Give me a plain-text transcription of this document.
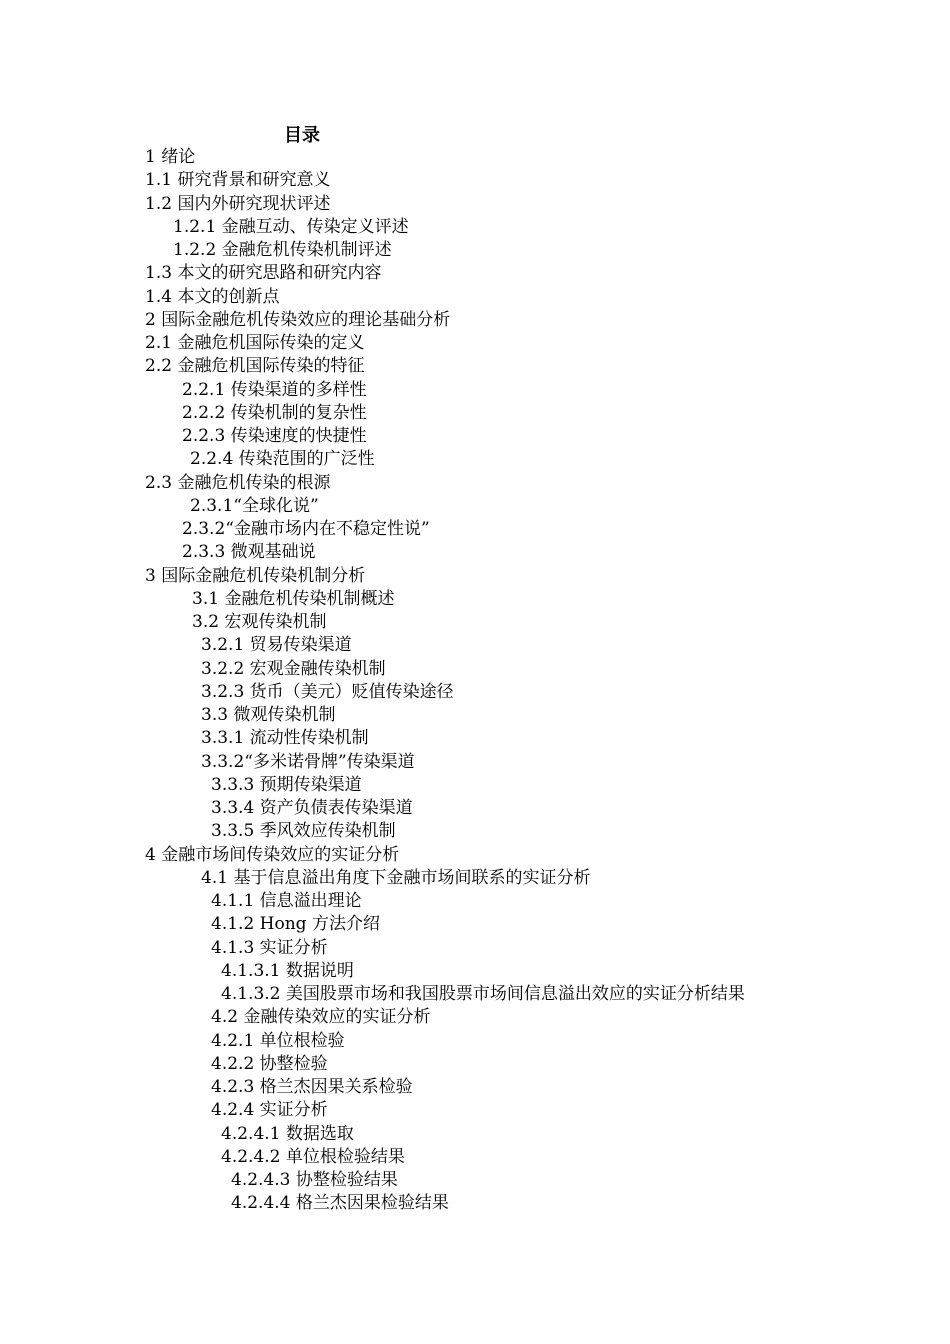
目录
1 绪论
1.1 研究背景和研究意义
1.2 国内外研究现状评述
1.2.1 金融互动、传染定义评述
1.2.2 金融危机传染机制评述
1.3 本文的研究思路和研究内容
1.4 本文的创新点
2 国际金融危机传染效应的理论基础分析
2.1 金融危机国际传染的定义
2.2 金融危机国际传染的特征
2.2.1 传染渠道的多样性
2.2.2 传染机制的复杂性
2.2.3 传染速度的快捷性
2.2.4 传染范围的广泛性
2.3 金融危机传染的根源
2.3.1“全球化说”
2.3.2“金融市场内在不稳定性说”
2.3.3 微观基础说
3 国际金融危机传染机制分析
3.1 金融危机传染机制概述
3.2 宏观传染机制
3.2.1 贸易传染渠道
3.2.2 宏观金融传染机制
3.2.3 货币（美元）贬值传染途径
3.3 微观传染机制
3.3.1 流动性传染机制
3.3.2“多米诺骨牌”传染渠道
3.3.3 预期传染渠道
3.3.4 资产负债表传染渠道
3.3.5 季风效应传染机制
4 金融市场间传染效应的实证分析
4.1 基于信息溢出角度下金融市场间联系的实证分析
4.1.1 信息溢出理论
4.1.2 Hong 方法介绍
4.1.3 实证分析
4.1.3.1 数据说明
4.1.3.2 美国股票市场和我国股票市场间信息溢出效应的实证分析结果
4.2 金融传染效应的实证分析
4.2.1 单位根检验
4.2.2 协整检验
4.2.3 格兰杰因果关系检验
4.2.4 实证分析
4.2.4.1 数据选取
4.2.4.2 单位根检验结果
4.2.4.3 协整检验结果
4.2.4.4 格兰杰因果检验结果
